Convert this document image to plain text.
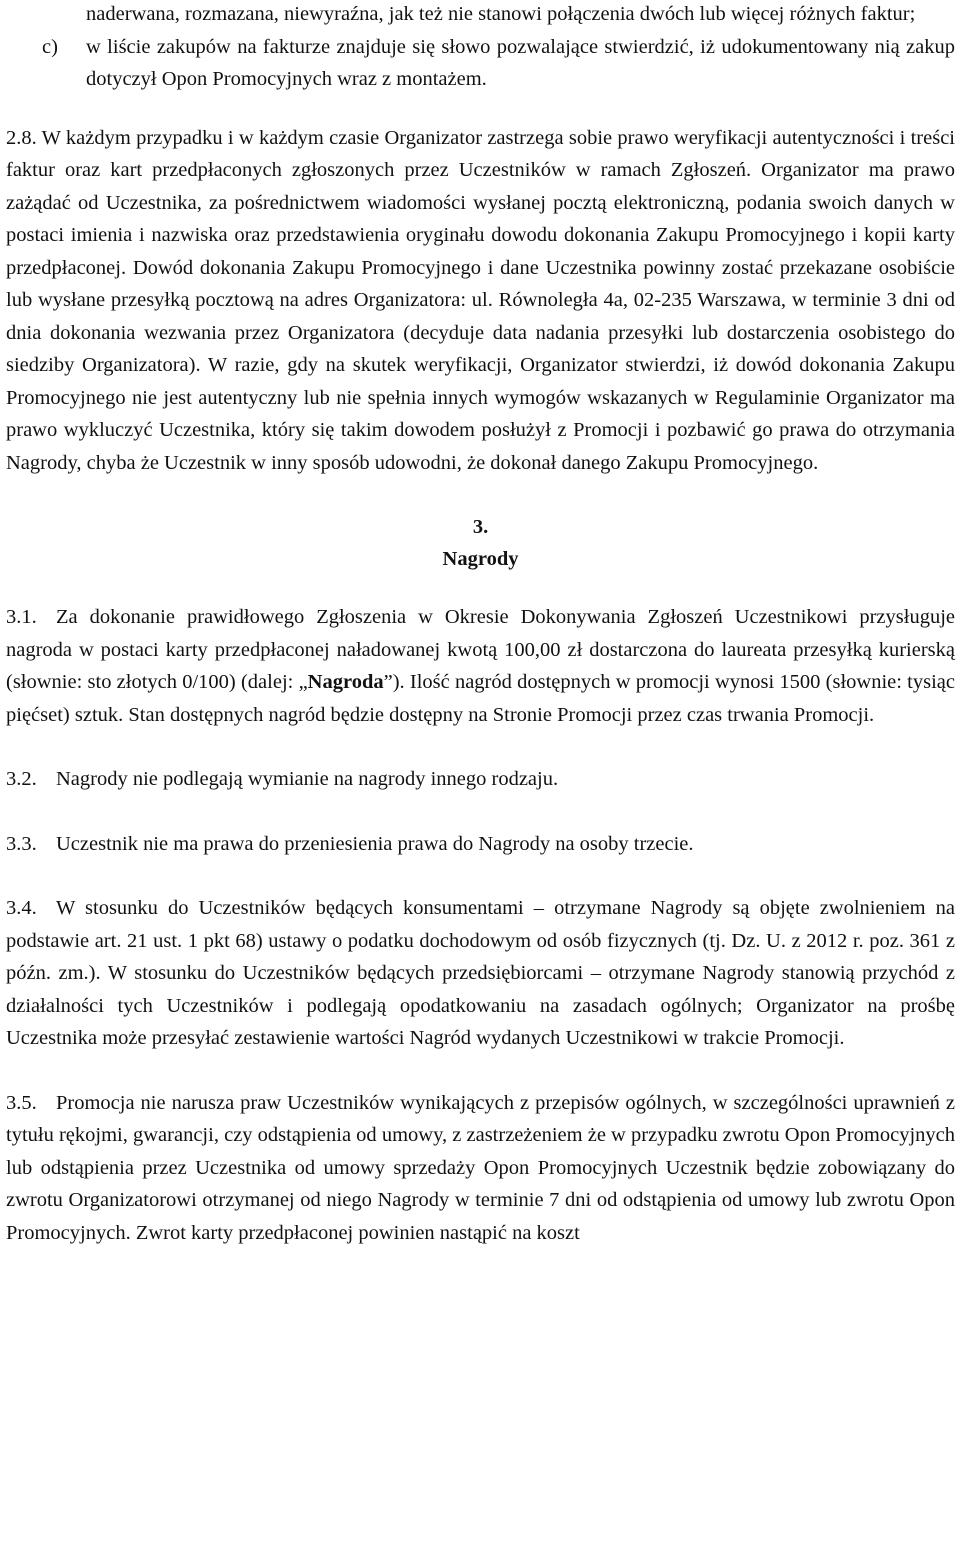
naderwana, rozmazana, niewyraźna, jak też nie stanowi połączenia dwóch lub więcej różnych faktur;

c) w liście zakupów na fakturze znajduje się słowo pozwalające stwierdzić, iż udokumentowany nią zakup dotyczył Opon Promocyjnych wraz z montażem.

2.8. W każdym przypadku i w każdym czasie Organizator zastrzega sobie prawo weryfikacji autentyczności i treści faktur oraz kart przedpłaconych zgłoszonych przez Uczestników w ramach Zgłoszeń. Organizator ma prawo zażądać od Uczestnika, za pośrednictwem wiadomości wysłanej pocztą elektroniczną, podania swoich danych w postaci imienia i nazwiska oraz przedstawienia oryginału dowodu dokonania Zakupu Promocyjnego i kopii karty przedpłaconej. Dowód dokonania Zakupu Promocyjnego i dane Uczestnika powinny zostać przekazane osobiście lub wysłane przesyłką pocztową na adres Organizatora: ul. Równoległa 4a, 02-235 Warszawa, w terminie 3 dni od dnia dokonania wezwania przez Organizatora (decyduje data nadania przesyłki lub dostarczenia osobistego do siedziby Organizatora). W razie, gdy na skutek weryfikacji, Organizator stwierdzi, iż dowód dokonania Zakupu Promocyjnego nie jest autentyczny lub nie spełnia innych wymogów wskazanych w Regulaminie Organizator ma prawo wykluczyć Uczestnika, który się takim dowodem posłużył z Promocji i pozbawić go prawa do otrzymania Nagrody, chyba że Uczestnik w inny sposób udowodni, że dokonał danego Zakupu Promocyjnego.

3.

Nagrody

3.1. Za dokonanie prawidłowego Zgłoszenia w Okresie Dokonywania Zgłoszeń Uczestnikowi przysługuje nagroda w postaci karty przedpłaconej naładowanej kwotą 100,00 zł dostarczona do laureata przesyłką kurierską (słownie: sto złotych 0/100) (dalej: „Nagroda”). Ilość nagród dostępnych w promocji wynosi 1500 (słownie: tysiąc pięćset) sztuk. Stan dostępnych nagród będzie dostępny na Stronie Promocji przez czas trwania Promocji.

3.2. Nagrody nie podlegają wymianie na nagrody innego rodzaju.

3.3. Uczestnik nie ma prawa do przeniesienia prawa do Nagrody na osoby trzecie.

3.4. W stosunku do Uczestników będących konsumentami – otrzymane Nagrody są objęte zwolnieniem na podstawie art. 21 ust. 1 pkt 68) ustawy o podatku dochodowym od osób fizycznych (tj. Dz. U. z 2012 r. poz. 361 z późn. zm.). W stosunku do Uczestników będących przedsiębiorcami – otrzymane Nagrody stanowią przychód z działalności tych Uczestników i podlegają opodatkowaniu na zasadach ogólnych; Organizator na prośbę Uczestnika może przesyłać zestawienie wartości Nagród wydanych Uczestnikowi w trakcie Promocji.

3.5. Promocja nie narusza praw Uczestników wynikających z przepisów ogólnych, w szczególności uprawnień z tytułu rękojmi, gwarancji, czy odstąpienia od umowy, z zastrzeżeniem że w przypadku zwrotu Opon Promocyjnych lub odstąpienia przez Uczestnika od umowy sprzedaży Opon Promocyjnych Uczestnik będzie zobowiązany do zwrotu Organizatorowi otrzymanej od niego Nagrody w terminie 7 dni od odstąpienia od umowy lub zwrotu Opon Promocyjnych. Zwrot karty przedpłaconej powinien nastąpić na koszt
